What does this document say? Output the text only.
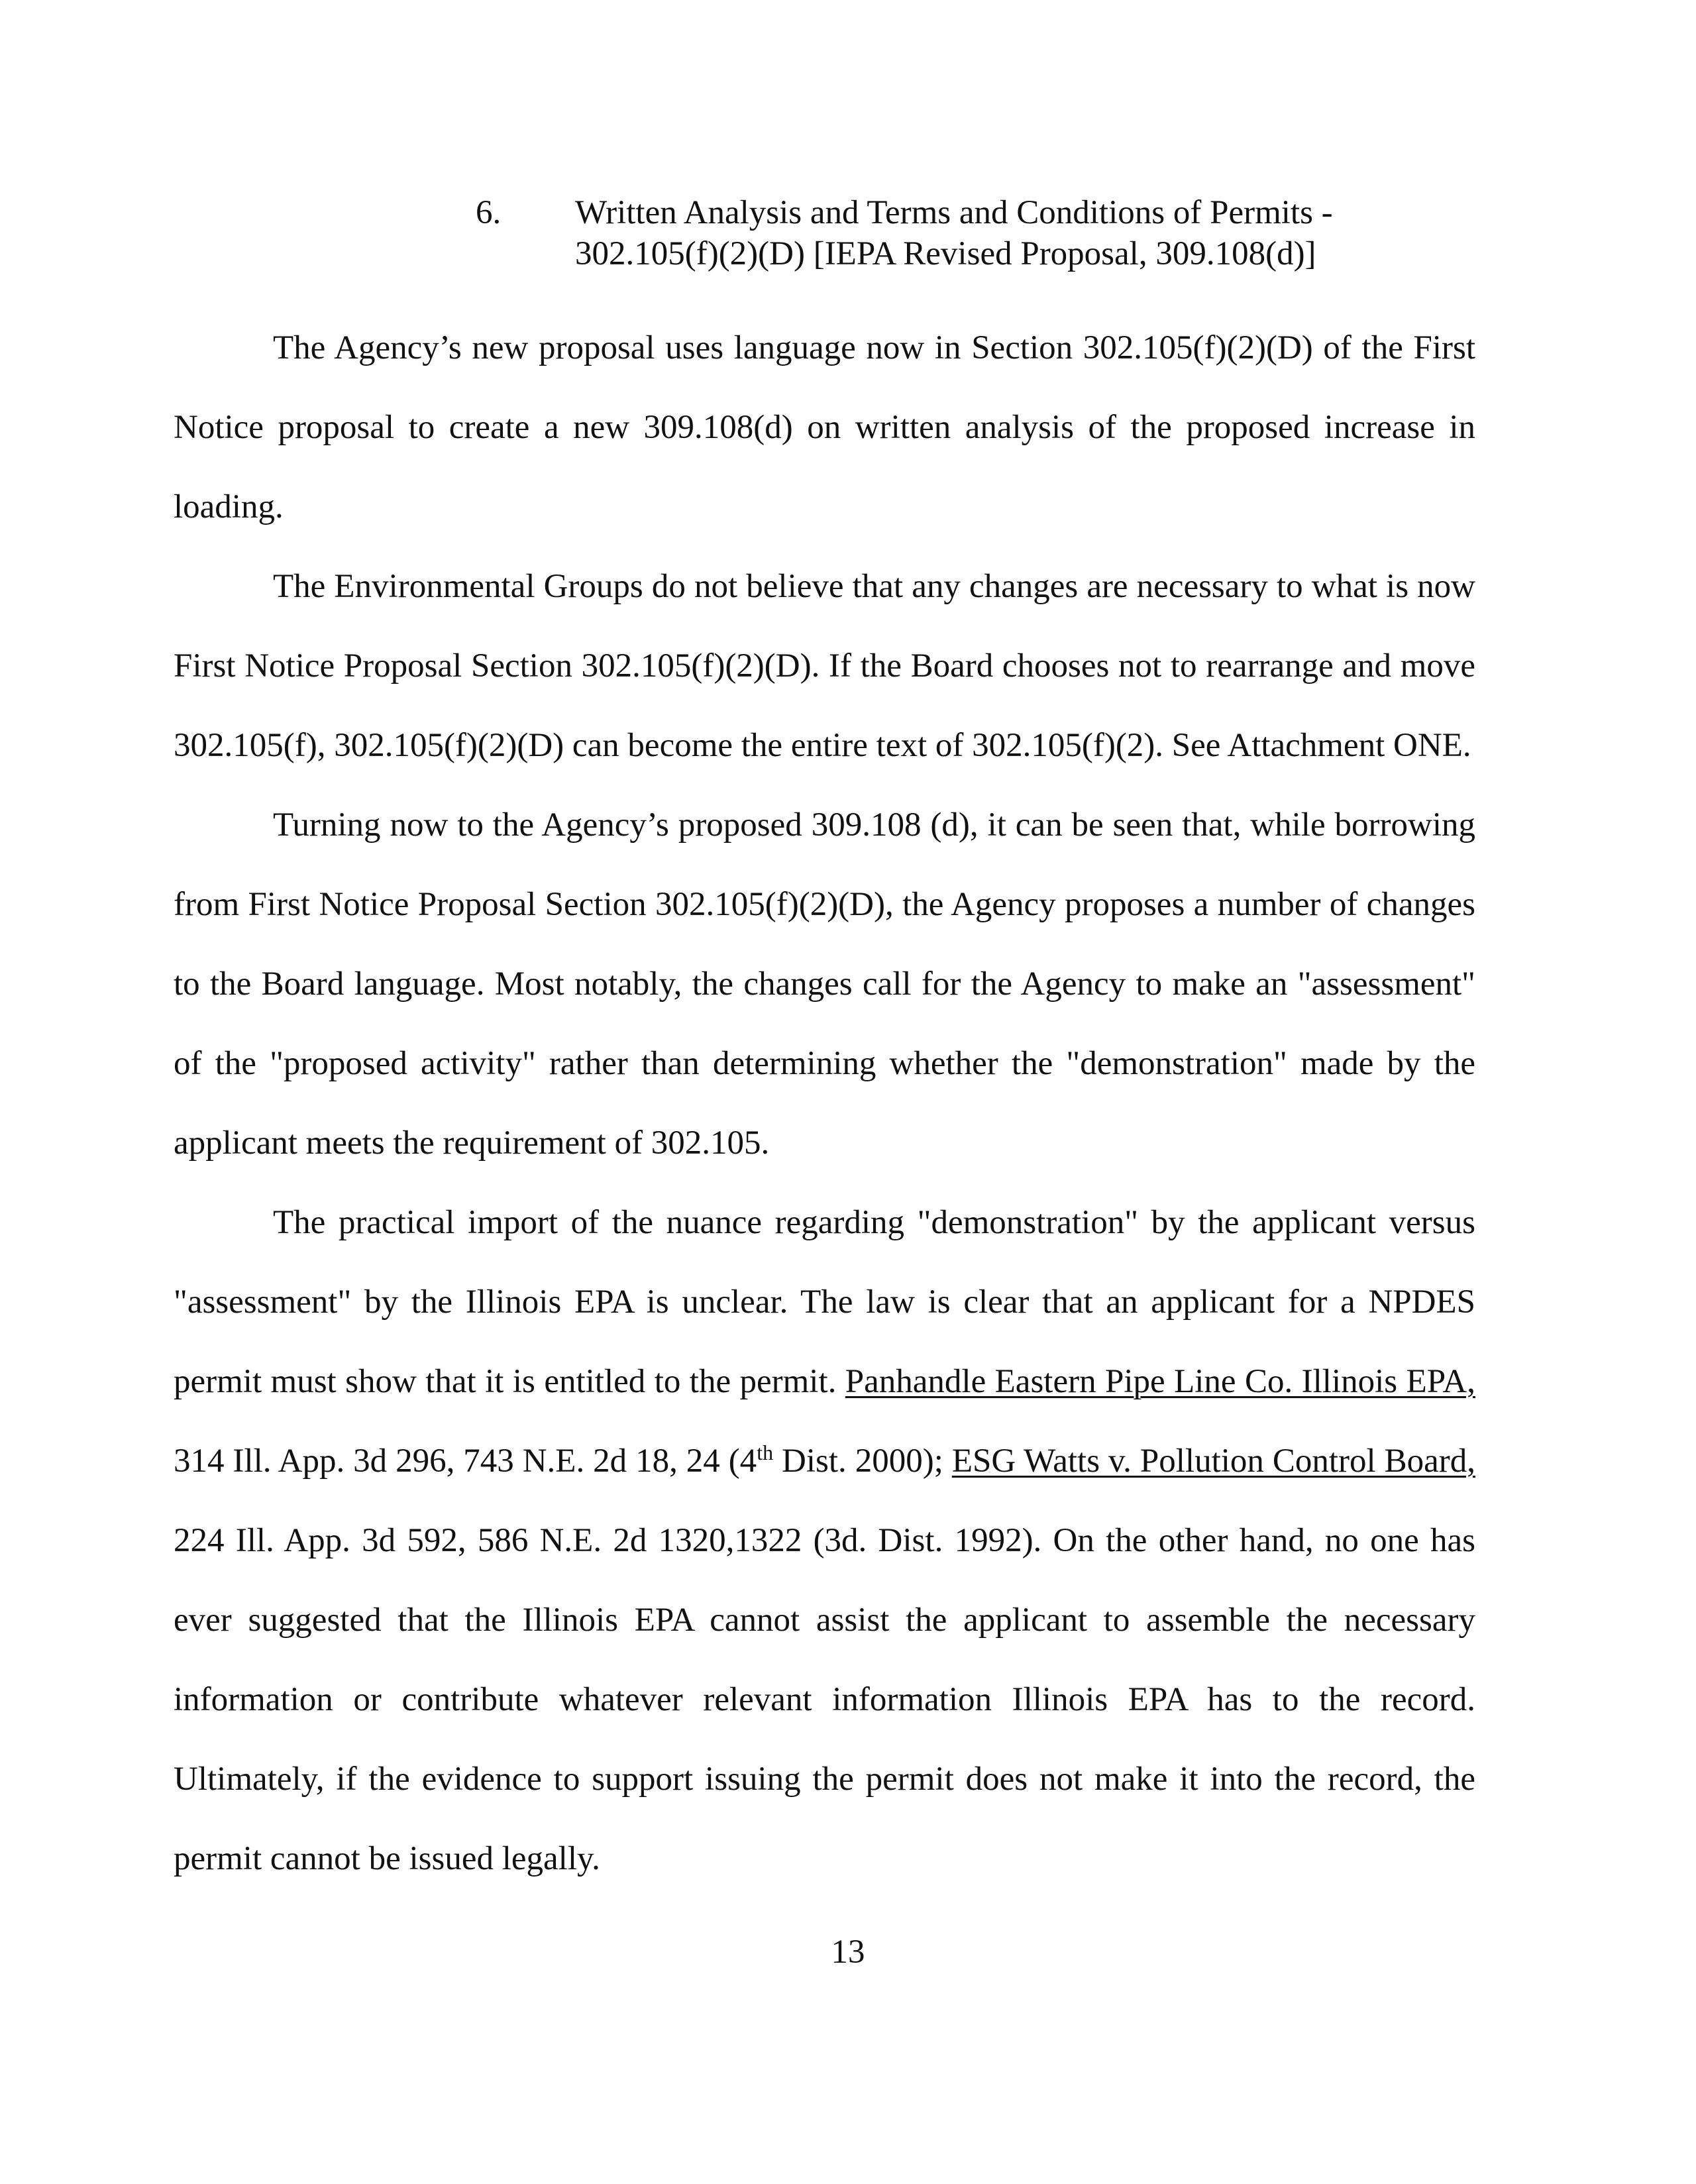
6. Written Analysis and Terms and Conditions of Permits -
302.105(f)(2)(D) [IEPA Revised Proposal, 309.108(d)]

The Agency’s new proposal uses language now in Section 302.105(f)(2)(D) of the First Notice proposal to create a new 309.108(d) on written analysis of the proposed increase in loading.

The Environmental Groups do not believe that any changes are necessary to what is now First Notice Proposal Section 302.105(f)(2)(D). If the Board chooses not to rearrange and move 302.105(f), 302.105(f)(2)(D) can become the entire text of 302.105(f)(2). See Attachment ONE.

Turning now to the Agency’s proposed 309.108 (d), it can be seen that, while borrowing from First Notice Proposal Section 302.105(f)(2)(D), the Agency proposes a number of changes to the Board language. Most notably, the changes call for the Agency to make an "assessment" of the "proposed activity" rather than determining whether the "demonstration" made by the applicant meets the requirement of 302.105.

The practical import of the nuance regarding "demonstration" by the applicant versus "assessment" by the Illinois EPA is unclear. The law is clear that an applicant for a NPDES permit must show that it is entitled to the permit. Panhandle Eastern Pipe Line Co. Illinois EPA, 314 Ill. App. 3d 296, 743 N.E. 2d 18, 24 (4th Dist. 2000); ESG Watts v. Pollution Control Board, 224 Ill. App. 3d 592, 586 N.E. 2d 1320,1322 (3d. Dist. 1992). On the other hand, no one has ever suggested that the Illinois EPA cannot assist the applicant to assemble the necessary information or contribute whatever relevant information Illinois EPA has to the record. Ultimately, if the evidence to support issuing the permit does not make it into the record, the permit cannot be issued legally.

13
